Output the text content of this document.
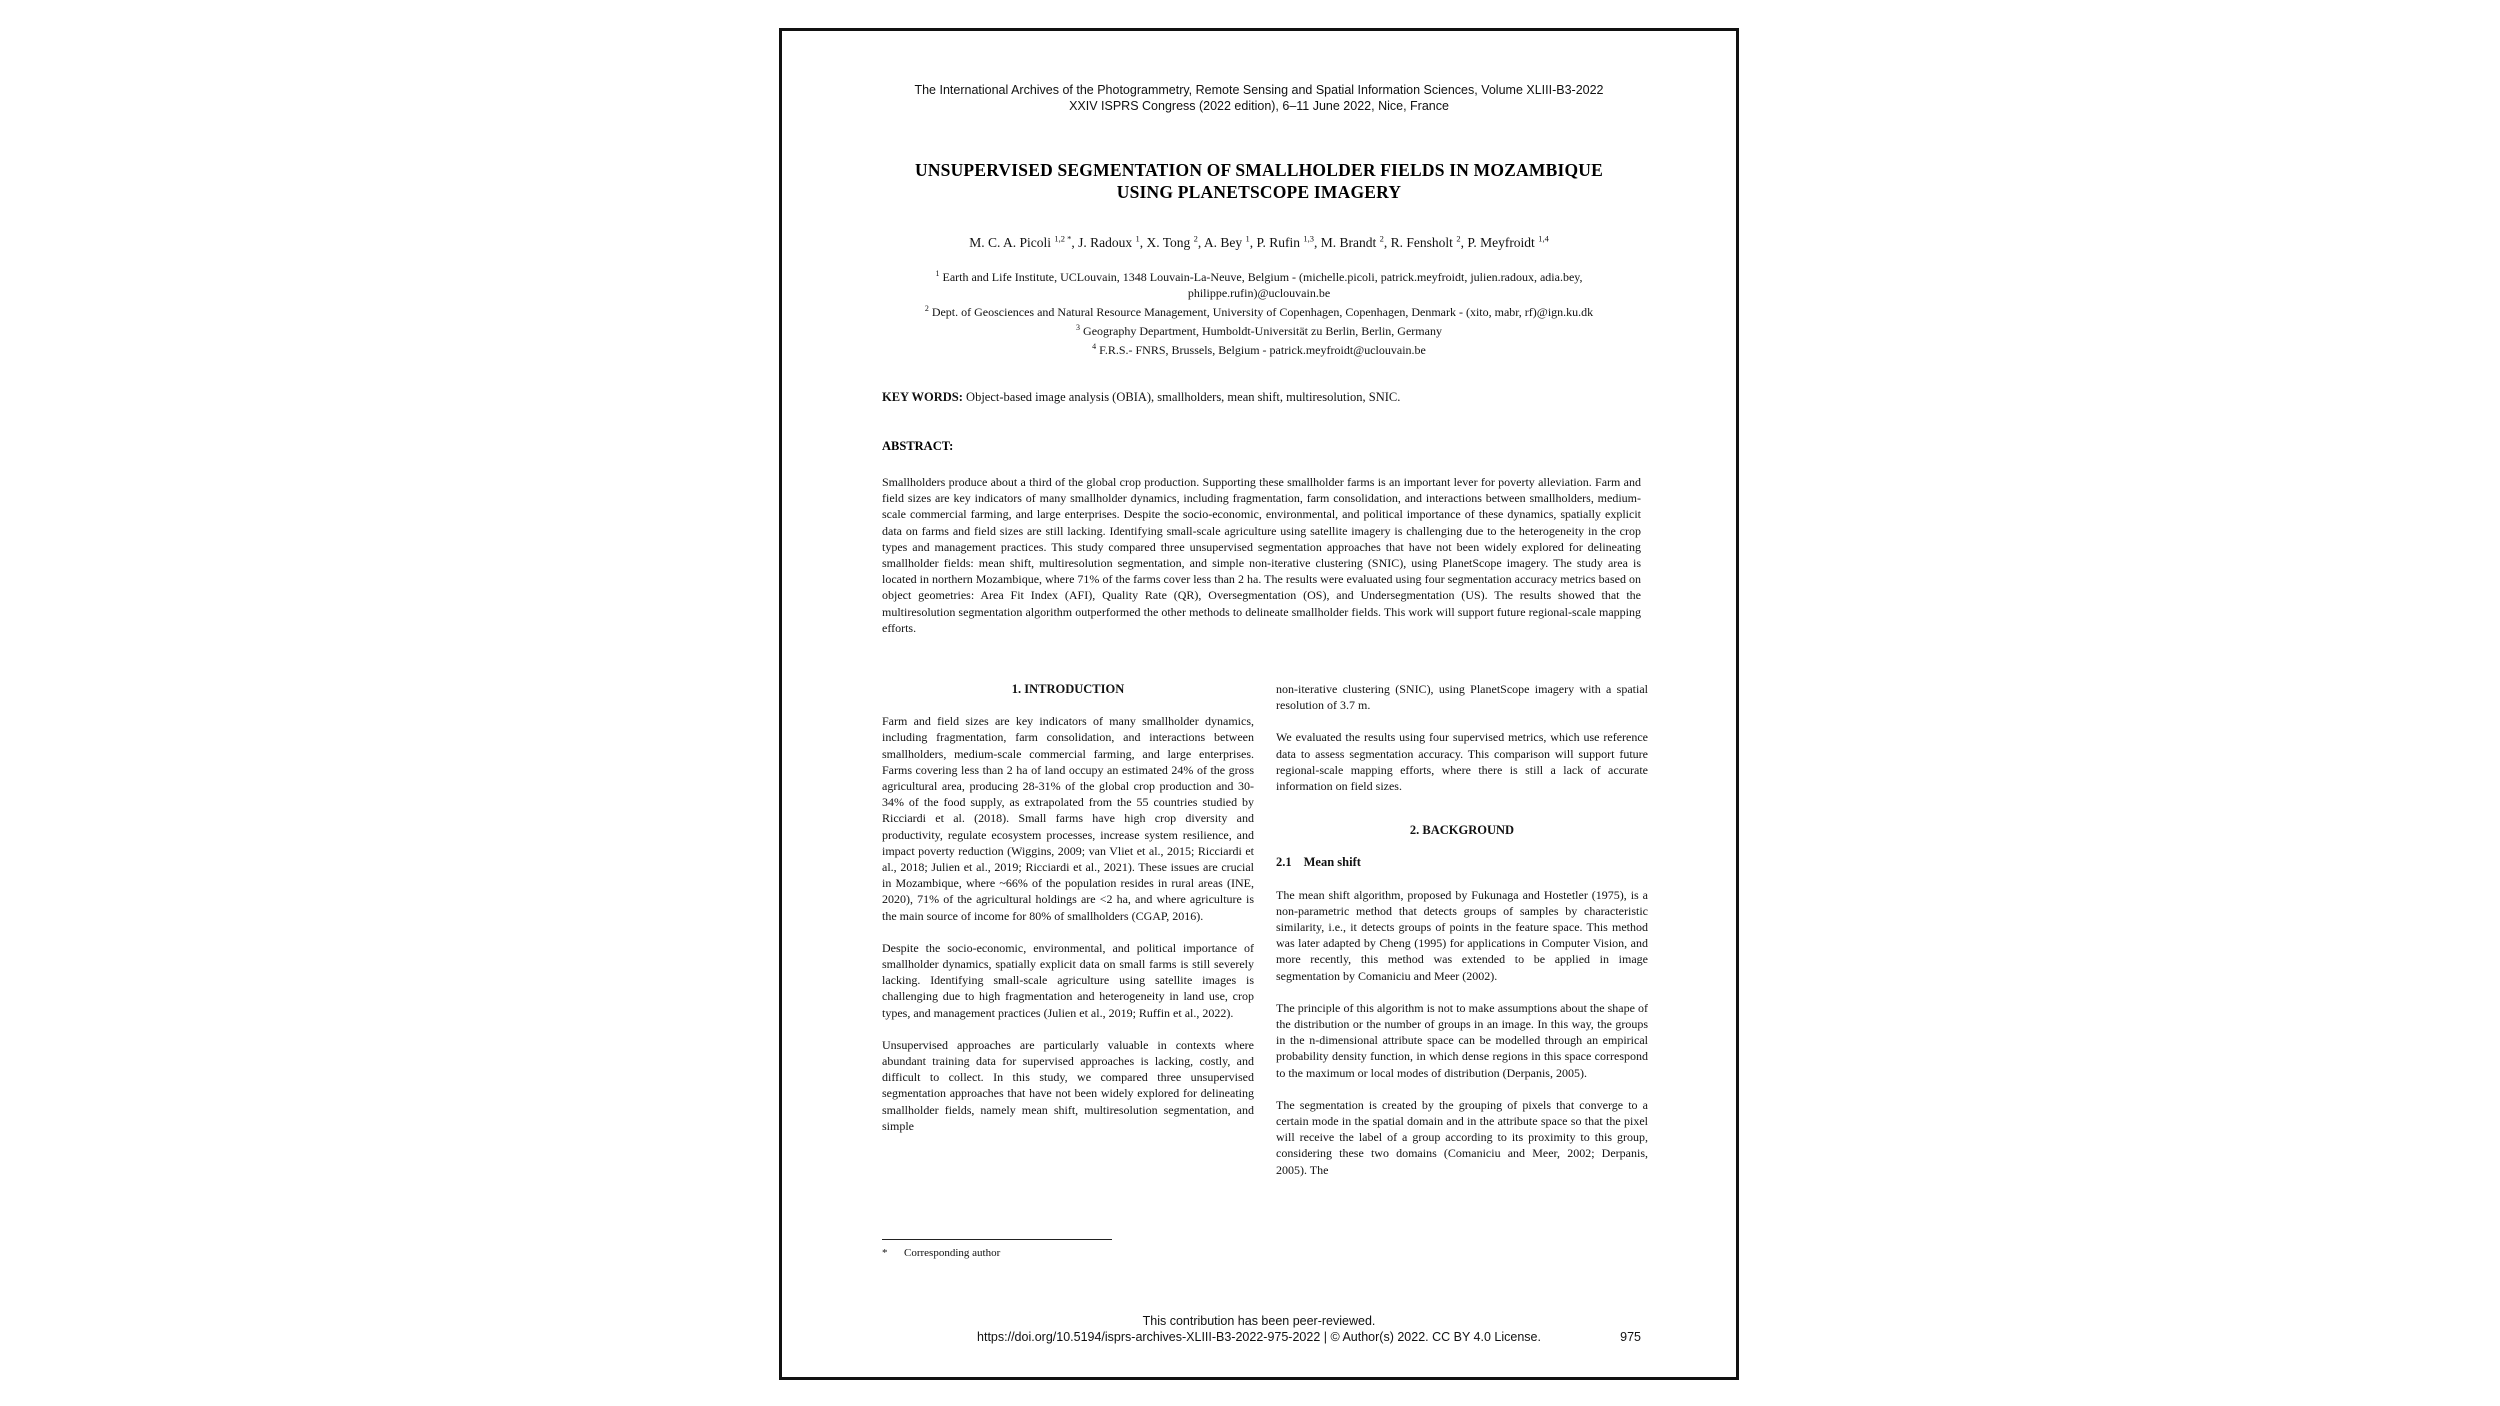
The International Archives of the Photogrammetry, Remote Sensing and Spatial Information Sciences, Volume XLIII-B3-2022
XXIV ISPRS Congress (2022 edition), 6–11 June 2022, Nice, France
UNSUPERVISED SEGMENTATION OF SMALLHOLDER FIELDS IN MOZAMBIQUE
USING PLANETSCOPE IMAGERY
M. C. A. Picoli $^{1,2 *}$, J. Radoux $^1$, X. Tong $^2$, A. Bey $^1$, P. Rufin $^{1,3}$, M. Brandt $^2$, R. Fensholt $^2$, P. Meyfroidt $^{1,4}$

$^1$ Earth and Life Institute, UCLouvain, 1348 Louvain-La-Neuve, Belgium - (michelle.picoli, patrick.meyfroidt, julien.radoux, adia.bey, philippe.rufin)@uclouvain.be

$^2$ Dept. of Geosciences and Natural Resource Management, University of Copenhagen, Copenhagen, Denmark - (xito, mabr, rf)@ign.ku.dk

$^3$ Geography Department, Humboldt-Universität zu Berlin, Berlin, Germany

$^4$ F.R.S.- FNRS, Brussels, Belgium - patrick.meyfroidt@uclouvain.be

KEY WORDS: Object-based image analysis (OBIA), smallholders, mean shift, multiresolution, SNIC.
ABSTRACT:
Smallholders produce about a third of the global crop production. Supporting these smallholder farms is an important lever for poverty alleviation. Farm and field sizes are key indicators of many smallholder dynamics, including fragmentation, farm consolidation, and interactions between smallholders, medium-scale commercial farming, and large enterprises. Despite the socio-economic, environmental, and political importance of these dynamics, spatially explicit data on farms and field sizes are still lacking. Identifying small-scale agriculture using satellite imagery is challenging due to the heterogeneity in the crop types and management practices. This study compared three unsupervised segmentation approaches that have not been widely explored for delineating smallholder fields: mean shift, multiresolution segmentation, and simple non-iterative clustering (SNIC), using PlanetScope imagery. The study area is located in northern Mozambique, where 71% of the farms cover less than 2 ha. The results were evaluated using four segmentation accuracy metrics based on object geometries: Area Fit Index (AFI), Quality Rate (QR), Oversegmentation (OS), and Undersegmentation (US). The results showed that the multiresolution segmentation algorithm outperformed the other methods to delineate smallholder fields. This work will support future regional-scale mapping efforts.
1. INTRODUCTION

Farm and field sizes are key indicators of many smallholder dynamics, including fragmentation, farm consolidation, and interactions between smallholders, medium-scale commercial farming, and large enterprises. Farms covering less than 2 ha of land occupy an estimated 24% of the gross agricultural area, producing 28-31% of the global crop production and 30-34% of the food supply, as extrapolated from the 55 countries studied by Ricciardi et al. (2018). Small farms have high crop diversity and productivity, regulate ecosystem processes, increase system resilience, and impact poverty reduction (Wiggins, 2009; van Vliet et al., 2015; Ricciardi et al., 2018; Julien et al., 2019; Ricciardi et al., 2021). These issues are crucial in Mozambique, where ~66% of the population resides in rural areas (INE, 2020), 71% of the agricultural holdings are <2 ha, and where agriculture is the main source of income for 80% of smallholders (CGAP, 2016).

Despite the socio-economic, environmental, and political importance of smallholder dynamics, spatially explicit data on small farms is still severely lacking. Identifying small-scale agriculture using satellite images is challenging due to high fragmentation and heterogeneity in land use, crop types, and management practices (Julien et al., 2019; Ruffin et al., 2022).

Unsupervised approaches are particularly valuable in contexts where abundant training data for supervised approaches is lacking, costly, and difficult to collect. In this study, we compared three unsupervised segmentation approaches that have not been widely explored for delineating smallholder fields, namely mean shift, multiresolution segmentation, and simple

non-iterative clustering (SNIC), using PlanetScope imagery with a spatial resolution of 3.7 m.

We evaluated the results using four supervised metrics, which use reference data to assess segmentation accuracy. This comparison will support future regional-scale mapping efforts, where there is still a lack of accurate information on field sizes.

2. BACKGROUND
2.1 Mean shift

The mean shift algorithm, proposed by Fukunaga and Hostetler (1975), is a non-parametric method that detects groups of samples by characteristic similarity, i.e., it detects groups of points in the feature space. This method was later adapted by Cheng (1995) for applications in Computer Vision, and more recently, this method was extended to be applied in image segmentation by Comaniciu and Meer (2002).

The principle of this algorithm is not to make assumptions about the shape of the distribution or the number of groups in an image. In this way, the groups in the n-dimensional attribute space can be modelled through an empirical probability density function, in which dense regions in this space correspond to the maximum or local modes of distribution (Derpanis, 2005).

The segmentation is created by the grouping of pixels that converge to a certain mode in the spatial domain and in the attribute space so that the pixel will receive the label of a group according to its proximity to this group, considering these two domains (Comaniciu and Meer, 2002; Derpanis, 2005). The

* Corresponding author
This contribution has been peer-reviewed.
https://doi.org/10.5194/isprs-archives-XLIII-B3-2022-975-2022 | © Author(s) 2022. CC BY 4.0 License.	975
